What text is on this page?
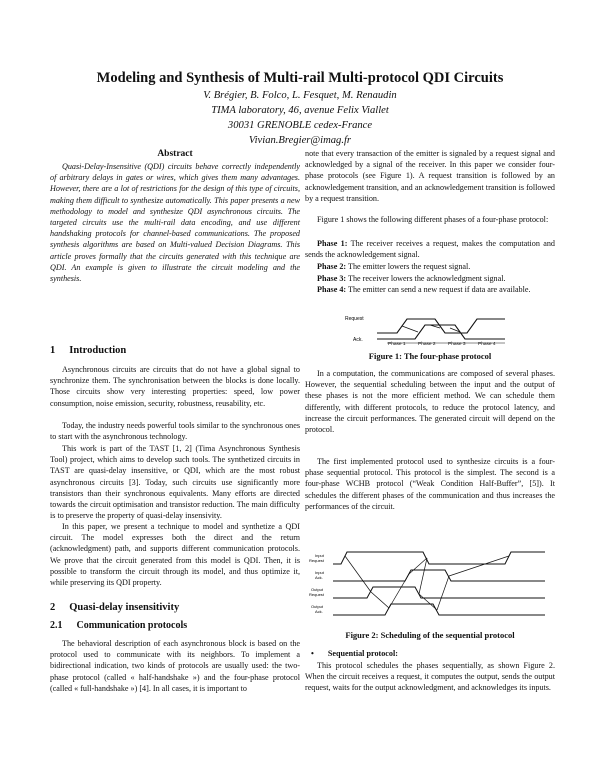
Modeling and Synthesis of Multi-rail Multi-protocol QDI Circuits
V. Brégier, B. Folco, L. Fesquet, M. Renaudin
TIMA laboratory, 46, avenue Felix Viallet
30031 GRENOBLE cedex-France
Vivian.Bregier@imag.fr
Abstract

Quasi-Delay-Insensitive (QDI) circuits behave correctly independently of arbitrary delays in gates or wires, which gives them many advantages. However, there are a lot of restrictions for the design of this type of circuits, making them difficult to synthesize automatically. This paper presents a new methodology to model and synthesize QDI asynchronous circuits. The targeted circuits use the multi-rail data encoding, and use different handshaking protocols for channel-based communications. The proposed synthesis algorithms are based on Multi-valued Decision Diagrams. This article proves formally that the circuits generated with this technique are QDI. An example is given to illustrate the circuit modeling and the synthesis.

1 Introduction

Asynchronous circuits are circuits that do not have a global signal to synchronize them. The synchronisation between the blocks is done locally. Those circuits show very interesting properties: speed, low power consumption, noise emission, security, robustness, reusability, etc.

Today, the industry needs powerful tools similar to the synchronous ones to start with the asynchronous technology.

This work is part of the TAST [1, 2] (Tima Asynchronous Synthesis Tool) project, which aims to develop such tools. The synthetized circuits in TAST are quasi-delay insensitive, or QDI, which are the most robust asynchronous circuits [3]. Today, such circuits use significantly more transistors than their synchronous equivalents. Many efforts are directed towards the circuit optimisation and transistor reduction. The main difficulty is to preserve the property of quasi-delay insensivity.

In this paper, we present a technique to model and synthetize a QDI circuit. The model expresses both the direct and the return (acknowledgment) path, and supports different communication protocols. We prove that the circuit generated from this model is QDI. Then, it is possible to transform the circuit through its model, and thus optimize it, while preserving its QDI property.

2 Quasi-delay insensitivity
2.1 Communication protocols

The behavioral description of each asynchronous block is based on the protocol used to communicate with its neighbors. To implement a bidirectional indication, two kinds of protocols are usually used: the two-phase protocol (called « half-handshake ») and the four-phase protocol (called « full-handshake ») [4]. In all cases, it is important to

note that every transaction of the emitter is signaled by a request signal and acknowledged by a signal of the receiver. In this paper we consider four-phase protocols (see Figure 1). A request transition is followed by an acknowledgement transition, and an acknowledgement transition is followed by a request transition.

Figure 1 shows the following different phases of a four-phase protocol:

Phase 1: The receiver receives a request, makes the computation and sends the acknowledgement signal.

Phase 2: The emitter lowers the request signal.

Phase 3: The receiver lowers the acknowledgment signal.

Phase 4: The emitter can send a new request if data are available.

Request
Ack.
Phase 1	Phase 2	Phase 3	Phase 4
Figure 1: The four-phase protocol

In a computation, the communications are composed of several phases. However, the sequential scheduling between the input and the output of these phases is not the more efficient method. We can schedule them differently, with different protocols, to reduce the protocol latency, and increase the circuit performances. The generated circuit will depend on the protocol.

The first implemented protocol used to synthesize circuits is a four-phase sequential protocol. This protocol is the simplest. The second is a four-phase WCHB protocol (“Weak Condition Half-Buffer”, [5]). It schedules the different phases of the communication and thus increases the performances of the circuit.

Input
Request
Input
Ack.
Output
Request
Output
Ack.
Figure 2: Scheduling of the sequential protocol
• Sequential protocol:

This protocol schedules the phases sequentially, as shown Figure 2. When the circuit receives a request, it computes the output, sends the output request, waits for the output acknowledgment, and acknowledges its inputs.
